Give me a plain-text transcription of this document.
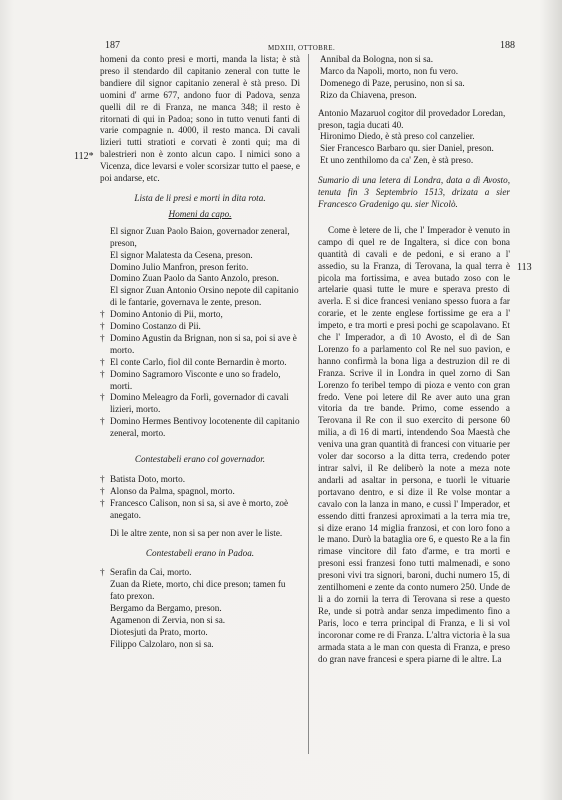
187	MDXIII, OTTOBRE.	188
112*
113

homeni da conto presi e morti, manda la lista; è stà preso il stendardo dil capitanio zeneral con tutte le bandiere dil signor capitanio zeneral è stà preso. Di uomini d' arme 677, andono fuor di Padova, senza quelli dil re di Franza, ne manca 348; il resto è ritornati di qui in Padoa; sono in tutto venuti fanti di varie compagnie n. 4000, il resto manca. Di cavali lizieri tutti stratioti e corvati è zonti qui; ma di balestrieri non è zonto alcun capo. I nimici sono a Vicenza, dice levarsi e voler scorsizar tutto el paese, e poi andarse, etc.

Lista de li presi e morti in dita rota.

Homeni da capo.

El signor Zuan Paolo Baion, governador zeneral, preson,
El signor Malatesta da Cesena, preson.
Domino Julio Manfron, preson ferito.
Domino Zuan Paolo da Santo Anzolo, preson.
El signor Zuan Antonio Orsino nepote dil capitanio di le fantarie, governava le zente, preson.
† Domino Antonio di Pii, morto,
† Domino Costanzo di Pii.
† Domino Agustin da Brignan, non si sa, poi si ave è morto.
† El conte Carlo, fiol dil conte Bernardin è morto.
† Domino Sagramoro Visconte e uno so fradelo, morti.
† Domino Meleagro da Forlì, governador di cavali lizieri, morto.
† Domino Hermes Bentivoy locotenente dil capitanio zeneral, morto.

Contestabeli erano col governador.

† Batista Doto, morto.
† Alonso da Palma, spagnol, morto.
† Francesco Calison, non si sa, si ave è morto, zoè anegato.

Di le altre zente, non si sa per non aver le liste.

Contestabeli erano in Padoa.

† Serafin da Cai, morto.
Zuan da Riete, morto, chi dice preson; tamen fu fato prexon.
Bergamo da Bergamo, preson.
Agamenon di Zervia, non si sa.
Diotesjuti da Prato, morto.
Filippo Calzolaro, non si sa.
Annibal da Bologna, non si sa.
Marco da Napoli, morto, non fu vero.
Domenego di Paze, perusino, non si sa.
Rizo da Chiavena, preson.

Antonio Mazaruol cogitor dil provedador Loredan, preson, tagia ducati 40.

Hironimo Diedo, è stà preso col canzelier.
Sier Francesco Barbaro qu. sier Daniel, preson.
Et uno zenthilomo da ca' Zen, è stà preso.

Sumario di una letera di Londra, data a dì Avosto, tenuta fin 3 Septembrio 1513, drizata a sier Francesco Gradenigo qu. sier Nicolò.

Come è letere de li, che l' Imperador è venuto in campo di quel re de Ingaltera, si dice con bona quantità di cavali e de pedoni, e si erano a l' assedio, su la Franza, di Terovana, la qual terra è picola ma fortissima, e avea butado zoso con le artelarie quasi tutte le mure e sperava presto di averla. E si dice francesi veniano spesso fuora a far corarie, et le zente englese fortissime ge era a l' impeto, e tra morti e presi pochi ge scapolavano. Et che l' Imperador, a dì 10 Avosto, el dì de San Lorenzo fo a parlamento col Re nel suo pavion, e hanno confirmà la bona liga a destruzion dil re di Franza. Scrive il in Londra in quel zorno di San Lorenzo fo teribel tempo di pioza e vento con gran fredo. Vene poi letere dil Re aver auto una gran vitoria da tre bande. Primo, come essendo a Terovana il Re con il suo exercito di persone 60 milia, a dì 16 di marti, intendendo Soa Maestà che veniva una gran quantità di francesi con vituarie per voler dar socorso a la ditta terra, credendo poter intrar salvi, il Re deliberò la note a meza note andarli ad asaltar in persona, e tuorli le vituarie portavano dentro, e si dize il Re volse montar a cavalo con la lanza in mano, e cussì l' Imperador, et essendo ditti franzesi aproximati a la terra mia tre, si dize erano 14 miglia franzosi, et con loro fono a le mano. Durò la bataglia ore 6, e questo Re a la fin rimase vincitore dil fato d'arme, e tra morti e presoni essi franzesi fono tutti malmenadi, e sono presoni vivi tra signori, baroni, duchi numero 15, di zentilhomeni e zente da conto numero 250. Unde de li a do zornii la terra di Terovana si rese a questo Re, unde si potrà andar senza impedimento fino a Paris, loco e terra principal di Franza, e li si vol incoronar come re di Franza. L'altra victoria è la sua armada stata a le man con questa di Franza, e preso do gran nave francesi e spera piarne di le altre. La
